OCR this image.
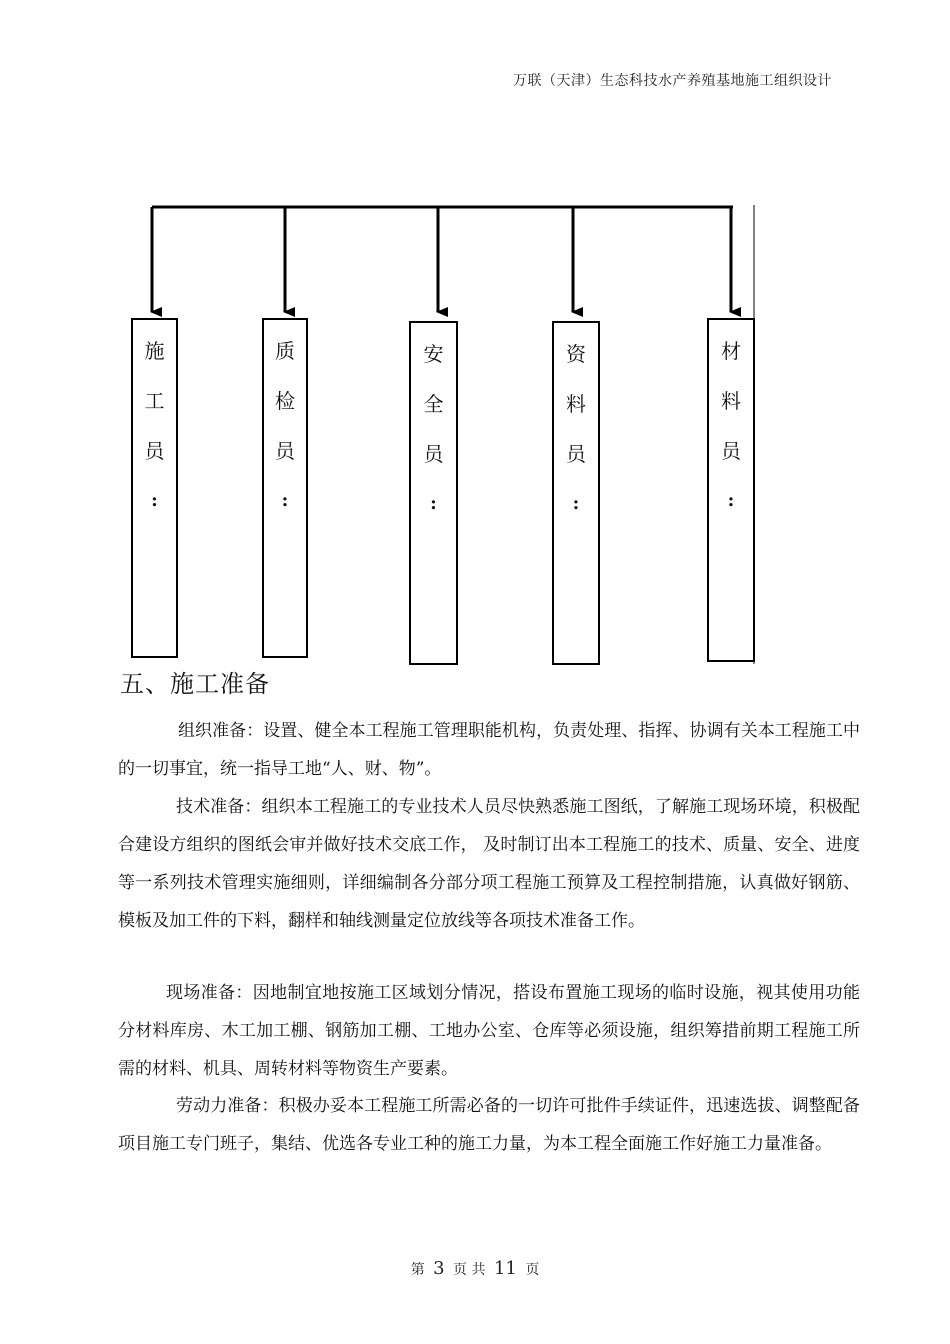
万联（天津）生态科技水产养殖基地施工组织设计
施
工
员
:
质
检
员
:
安
全
员
:
资
料
员
:
材
料
员
:
五、施工准备

组织准备：设置、健全本工程施工管理职能机构，负责处理、指挥、协调有关本工程施工中的一切事宜，统一指导工地“人、财、物”。

技术准备：组织本工程施工的专业技术人员尽快熟悉施工图纸，了解施工现场环境，积极配合建设方组织的图纸会审并做好技术交底工作， 及时制订出本工程施工的技术、质量、安全、进度等一系列技术管理实施细则，详细编制各分部分项工程施工预算及工程控制措施，认真做好钢筋、模板及加工件的下料，翻样和轴线测量定位放线等各项技术准备工作。

现场准备：因地制宜地按施工区域划分情况，搭设布置施工现场的临时设施，视其使用功能分材料库房、木工加工棚、钢筋加工棚、工地办公室、仓库等必须设施，组织筹措前期工程施工所需的材料、机具、周转材料等物资生产要素。

劳动力准备：积极办妥本工程施工所需必备的一切许可批件手续证件，迅速选拔、调整配备项目施工专门班子，集结、优选各专业工种的施工力量，为本工程全面施工作好施工力量准备。

第 3 页 共 11 页
